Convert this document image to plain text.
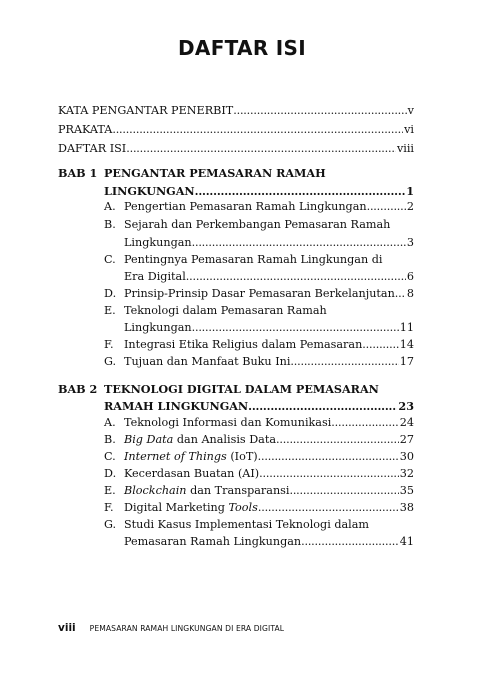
DAFTAR ISI
KATA PENGANTAR PENERBIT .....	v
PRAKATA .....	vi
DAFTAR ISI .....	viii
BAB 1 PENGANTAR PEMASARAN RAMAH
LINGKUNGAN .....	1
A. Pengertian Pemasaran Ramah Lingkungan .....	2
B. Sejarah dan Perkembangan Pemasaran Ramah
Lingkungan .....	3
C. Pentingnya Pemasaran Ramah Lingkungan di
Era Digital .....	6
D. Prinsip-Prinsip Dasar Pemasaran Berkelanjutan ..... 8
E. Teknologi dalam Pemasaran Ramah
Lingkungan .....	11
F. Integrasi Etika Religius dalam Pemasaran .....	14
G. Tujuan dan Manfaat Buku Ini .....	17
BAB 2 TEKNOLOGI DIGITAL DALAM PEMASARAN
RAMAH LINGKUNGAN .....	23
A. Teknologi Informasi dan Komunikasi .....	24
B. Big Data dan Analisis Data .....	27
C. Internet of Things (IoT) .....	30
D. Kecerdasan Buatan (AI) .....	32
E. Blockchain dan Transparansi .....	35
F. Digital Marketing Tools .....	38
G. Studi Kasus Implementasi Teknologi dalam
Pemasaran Ramah Lingkungan .....	41
viii PEMASARAN RAMAH LINGKUNGAN DI ERA DIGITAL
